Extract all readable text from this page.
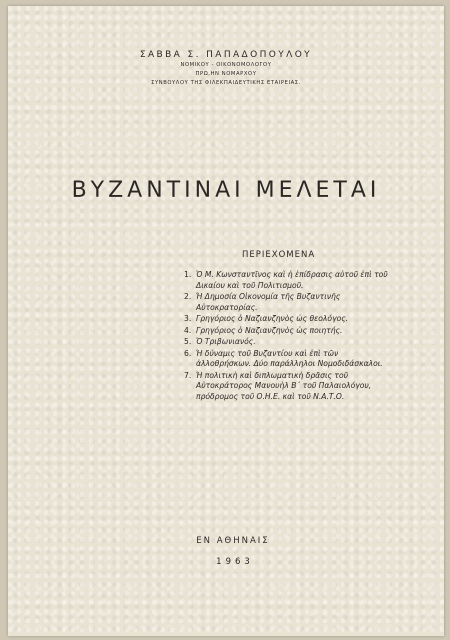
ΣΑΒΒΑ Σ. ΠΑΠΑΔΟΠΟΥΛΟΥ
ΝΟΜΙΚΟΥ - ΟΙΚΟΝΟΜΟΛΟΓΟΥ
ΠΡΩ,ΗΝ ΝΟΜΑΡΧΟΥ
ΣΥΝΒΟΥΛΟΥ ΤΗΣ ΦΙΛΕΚΠΑΙΔΕΥΤΙΚΗΣ ΕΤΑΙΡΕΙΑΣ.
ΒΥΖΑΝΤΙΝΑΙ ΜΕΛΕΤΑΙ
ΠΕΡΙΕΧΟΜΕΝΑ
1. Ὁ Μ. Κωνσταντῖνος καὶ ἡ ἐπίδρασις αὐτοῦ ἐπὶ τοῦ Δικαίου καὶ τοῦ Πολιτισμοῦ.
2. Ἡ Δημοσία Οἰκονομία τῆς Βυζαντινῆς Αὐτοκρατορίας.
3. Γρηγόριος ὁ Ναζιανζηνὸς ὡς θεολόγος.
4. Γρηγόριος ὁ Ναζιανζηνὸς ὡς ποιητής.
5. Ὁ Τριβωνιανός.
6. Ἡ δύναμις τοῦ Βυζαντίου καὶ ἐπὶ τῶν ἀλλοθρήσκων. Δύο παράλληλοι Νομοδιδάσκαλοι.
7. Ἡ πολιτικὴ καὶ διπλωματικὴ δρᾶσις τοῦ Αὐτοκράτορος Μανουὴλ Β΄ τοῦ Παλαιολόγου, πρόδρομος τοῦ Ο.Η.Ε. καὶ τοῦ Ν.Α.Τ.Ο.
ΕΝ ΑΘΗΝΑΙΣ
1963
